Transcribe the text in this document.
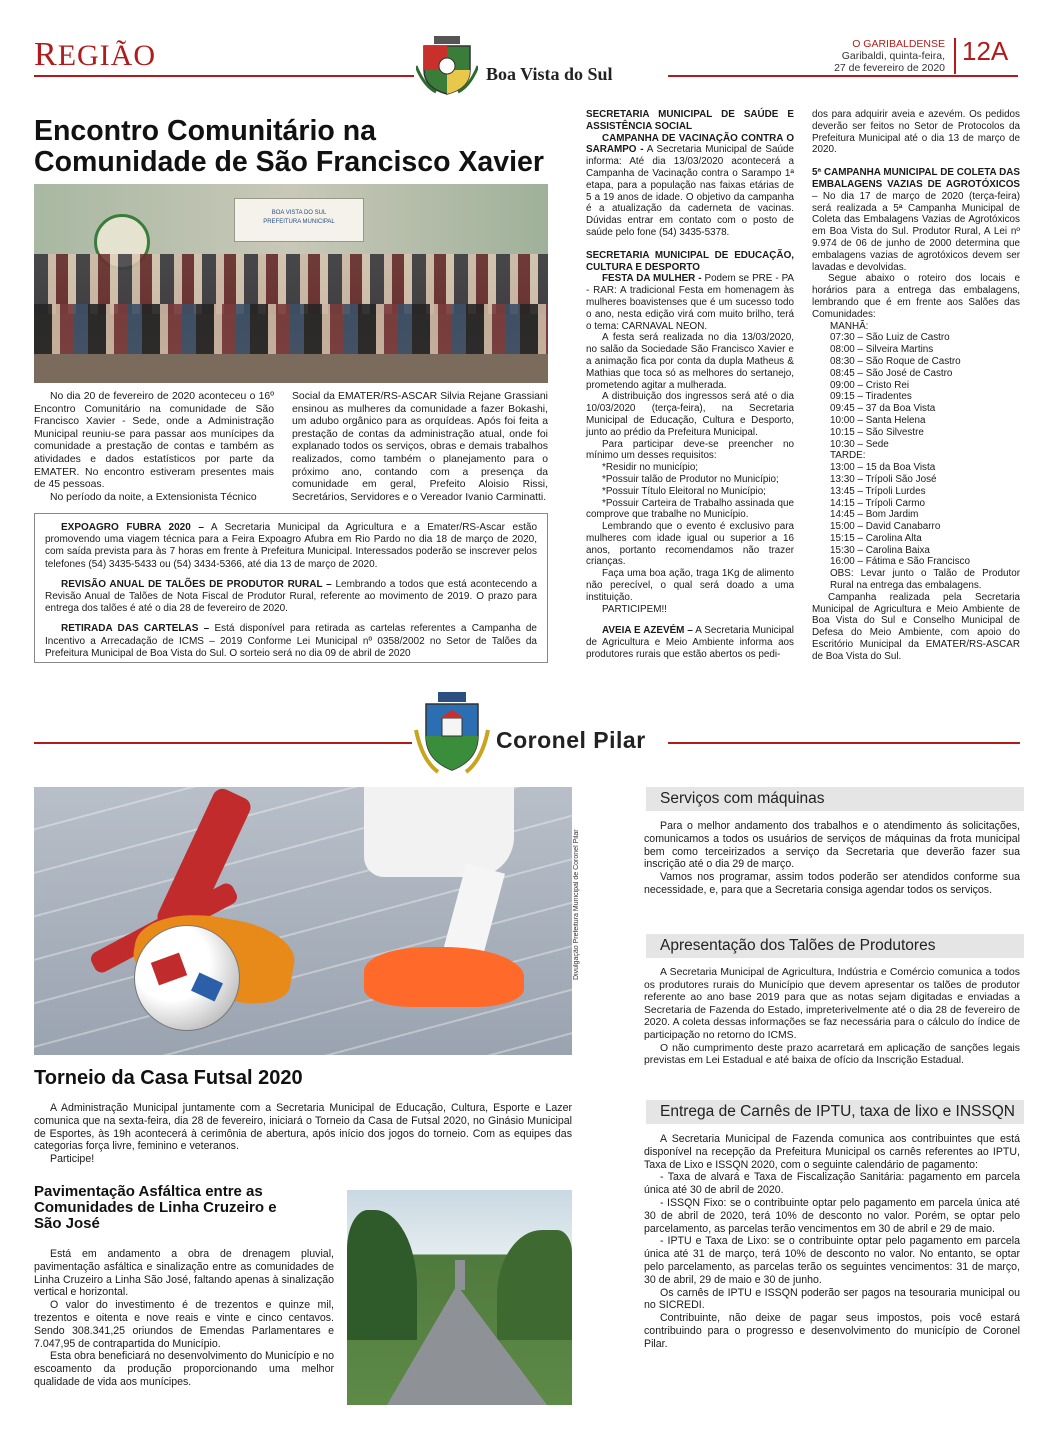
REGIÃO
Boa Vista do Sul
O GARIBALDENSE
Garibaldi, quinta-feira,
27 de fevereiro de 2020
12A
Encontro Comunitário na
Comunidade de São Francisco Xavier
BOA VISTA DO SUL
PREFEITURA MUNICIPAL

No dia 20 de fevereiro de 2020 aconteceu o 16º Encontro Comunitário na comunidade de São Francisco Xavier - Sede, onde a Administração Municipal reuniu-se para passar aos munícipes da comunidade a prestação de contas e também as atividades e dados estatísticos por parte da EMATER. No encontro estiveram presentes mais de 45 pessoas.

No período da noite, a Extensionista Técnico

Social da EMATER/RS-ASCAR Silvia Rejane Grassiani ensinou as mulheres da comunidade a fazer Bokashi, um adubo orgânico para as orquídeas. Após foi feita a prestação de contas da administração atual, onde foi explanado todos os serviços, obras e demais trabalhos realizados, como também o planejamento para o próximo ano, contando com a presença da comunidade em geral, Prefeito Aloisio Rissi, Secretários, Servidores e o Vereador Ivanio Carminatti.

EXPOAGRO FUBRA 2020 – A Secretaria Municipal da Agricultura e a Emater/RS-Ascar estão promovendo uma viagem técnica para a Feira Expoagro Afubra em Rio Pardo no dia 18 de março de 2020, com saída prevista para às 7 horas em frente à Prefeitura Municipal. Interessados poderão se inscrever pelos telefones (54) 3435-5433 ou (54) 3434-5366, até dia 13 de março de 2020.

REVISÃO ANUAL DE TALÕES DE PRODUTOR RURAL – Lembrando a todos que está acontecendo a Revisão Anual de Talões de Nota Fiscal de Produtor Rural, referente ao movimento de 2019. O prazo para entrega dos talões é até o dia 28 de fevereiro de 2020.

RETIRADA DAS CARTELAS – Está disponível para retirada as cartelas referentes a Campanha de Incentivo a Arrecadação de ICMS – 2019 Conforme Lei Municipal nº 0358/2002 no Setor de Talões da Prefeitura Municipal de Boa Vista do Sul. O sorteio será no dia 09 de abril de 2020

SECRETARIA MUNICIPAL DE SAÚDE E ASSISTÊNCIA SOCIAL

CAMPANHA DE VACINAÇÃO CONTRA O SARAMPO - A Secretaria Municipal de Saúde informa: Até dia 13/03/2020 acontecerá a Campanha de Vacinação contra o Sarampo 1ª etapa, para a população nas faixas etárias de 5 a 19 anos de idade. O objetivo da campanha é a atualização da caderneta de vacinas. Dúvidas entrar em contato com o posto de saúde pelo fone (54) 3435-5378.

SECRETARIA MUNICIPAL DE EDUCAÇÃO, CULTURA E DESPORTO

FESTA DA MULHER - Podem se PRE - PA - RAR: A tradicional Festa em homenagem às mulheres boavistenses que é um sucesso todo o ano, nesta edição virá com muito brilho, terá o tema: CARNAVAL NEON.

A festa será realizada no dia 13/03/2020, no salão da Sociedade São Francisco Xavier e a animação fica por conta da dupla Matheus & Mathias que toca só as melhores do sertanejo, prometendo agitar a mulherada.

A distribuição dos ingressos será até o dia 10/03/2020 (terça-feira), na Secretaria Municipal de Educação, Cultura e Desporto, junto ao prédio da Prefeitura Municipal.

Para participar deve-se preencher no mínimo um desses requisitos:

*Residir no município;

*Possuir talão de Produtor no Município;

*Possuir Título Eleitoral no Município;

*Possuir Carteira de Trabalho assinada que comprove que trabalhe no Município.

Lembrando que o evento é exclusivo para mulheres com idade igual ou superior a 16 anos, portanto recomendamos não trazer crianças.

Faça uma boa ação, traga 1Kg de alimento não perecível, o qual será doado a uma instituição.

PARTICIPEM!!

AVEIA E AZEVÉM – A Secretaria Municipal de Agricultura e Meio Ambiente informa aos produtores rurais que estão abertos os pedi-

dos para adquirir aveia e azevém. Os pedidos deverão ser feitos no Setor de Protocolos da Prefeitura Municipal até o dia 13 de março de 2020.

5ª CAMPANHA MUNICIPAL DE COLETA DAS EMBALAGENS VAZIAS DE AGROTÓXICOS – No dia 17 de março de 2020 (terça-feira) será realizada a 5ª Campanha Municipal de Coleta das Embalagens Vazias de Agrotóxicos em Boa Vista do Sul. Produtor Rural, A Lei nº 9.974 de 06 de junho de 2000 determina que embalagens vazias de agrotóxicos devem ser lavadas e devolvidas.

Segue abaixo o roteiro dos locais e horários para a entrega das embalagens, lembrando que é em frente aos Salões das Comunidades:

MANHÃ:

07:30 – São Luiz de Castro

08:00 – Silveira Martins

08:30 – São Roque de Castro

08:45 – São José de Castro

09:00 – Cristo Rei

09:15 – Tiradentes

09:45 – 37 da Boa Vista

10:00 – Santa Helena

10:15 – São Silvestre

10:30 – Sede

TARDE:

13:00 – 15 da Boa Vista

13:30 – Trípoli São José

13:45 – Trípoli Lurdes

14:15 – Trípoli Carmo

14:45 – Bom Jardim

15:00 – David Canabarro

15:15 – Carolina Alta

15:30 – Carolina Baixa

16:00 – Fátima e São Francisco

OBS: Levar junto o Talão de Produtor Rural na entrega das embalagens.

Campanha realizada pela Secretaria Municipal de Agricultura e Meio Ambiente de Boa Vista do Sul e Conselho Municipal de Defesa do Meio Ambiente, com apoio do Escritório Municipal da EMATER/RS-ASCAR de Boa Vista do Sul.

Coronel Pilar
Divulgação Prefeitura Municipal de Coronel Pilar
Torneio da Casa Futsal 2020

A Administração Municipal juntamente com a Secretaria Municipal de Educação, Cultura, Esporte e Lazer comunica que na sexta-feira, dia 28 de fevereiro, iniciará o Torneio da Casa de Futsal 2020, no Ginásio Municipal de Esportes, às 19h acontecerá à cerimônia de abertura, após início dos jogos do torneio. Com as equipes das categorias força livre, feminino e veteranos.

Participe!

Pavimentação Asfáltica entre as
Comunidades de Linha Cruzeiro e
São José

Está em andamento a obra de drenagem pluvial, pavimentação asfáltica e sinalização entre as comunidades de Linha Cruzeiro a Linha São José, faltando apenas à sinalização vertical e horizontal.

O valor do investimento é de trezentos e quinze mil, trezentos e oitenta e nove reais e vinte e cinco centavos. Sendo 308.341,25 oriundos de Emendas Parlamentares e 7.047,95 de contrapartida do Município.

Esta obra beneficiará no desenvolvimento do Município e no escoamento da produção proporcionando uma melhor qualidade de vida aos munícipes.

Serviços com máquinas

Para o melhor andamento dos trabalhos e o atendimento ás solicitações, comunicamos a todos os usuários de serviços de máquinas da frota municipal bem como terceirizados a serviço da Secretaria que deverão fazer sua inscrição até o dia 29 de março.

Vamos nos programar, assim todos poderão ser atendidos conforme sua necessidade, e, para que a Secretaria consiga agendar todos os serviços.

Apresentação dos Talões de Produtores

A Secretaria Municipal de Agricultura, Indústria e Comércio comunica a todos os produtores rurais do Município que devem apresentar os talões de produtor referente ao ano base 2019 para que as notas sejam digitadas e enviadas a Secretaria de Fazenda do Estado, impreterivelmente até o dia 28 de fevereiro de 2020. A coleta dessas informações se faz necessária para o cálculo do índice de participação no retorno do ICMS.

O não cumprimento deste prazo acarretará em aplicação de sanções legais previstas em Lei Estadual e até baixa de ofício da Inscrição Estadual.

Entrega de Carnês de IPTU, taxa de lixo e INSSQN

A Secretaria Municipal de Fazenda comunica aos contribuintes que está disponível na recepção da Prefeitura Municipal os carnês referentes ao IPTU, Taxa de Lixo e ISSQN 2020, com o seguinte calendário de pagamento:

- Taxa de alvará e Taxa de Fiscalização Sanitária: pagamento em parcela única até 30 de abril de 2020.

- ISSQN Fixo: se o contribuinte optar pelo pagamento em parcela única até 30 de abril de 2020, terá 10% de desconto no valor. Porém, se optar pelo parcelamento, as parcelas terão vencimentos em 30 de abril e 29 de maio.

- IPTU e Taxa de Lixo: se o contribuinte optar pelo pagamento em parcela única até 31 de março, terá 10% de desconto no valor. No entanto, se optar pelo parcelamento, as parcelas terão os seguintes vencimentos: 31 de março, 30 de abril, 29 de maio e 30 de junho.

Os carnês de IPTU e ISSQN poderão ser pagos na tesouraria municipal ou no SICREDI.

Contribuinte, não deixe de pagar seus impostos, pois você estará contribuindo para o progresso e desenvolvimento do município de Coronel Pilar.
